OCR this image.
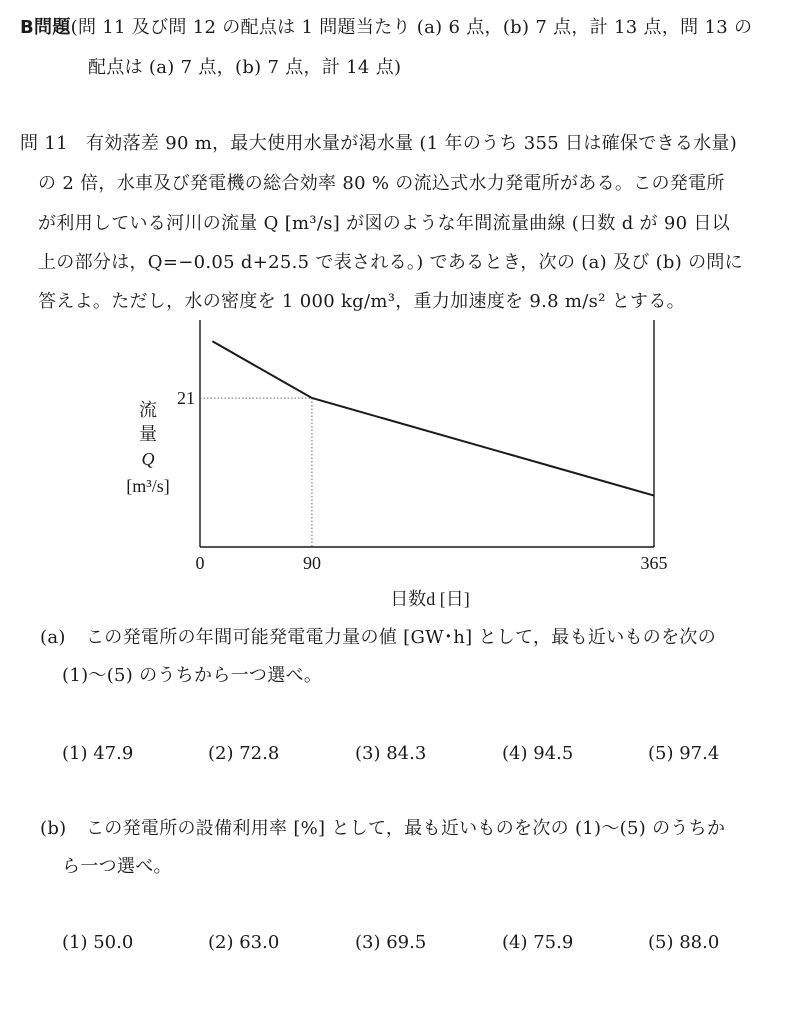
B問題(問 11 及び問 12 の配点は 1 問題当たり (a) 6 点，(b) 7 点，計 13 点，問 13 の
配点は (a) 7 点，(b) 7 点，計 14 点)
問 11 有効落差 90 m，最大使用水量が渇水量 (1 年のうち 355 日は確保できる水量)
の 2 倍，水車及び発電機の総合効率 80 % の流込式水力発電所がある。この発電所
が利用している河川の流量 Q [m³/s] が図のような年間流量曲線 (日数 d が 90 日以
上の部分は，Q=−0.05 d+25.5 で表される。) であるとき，次の (a) 及び (b) の問に
答えよ。ただし，水の密度を 1 000 kg/m³，重力加速度を 9.8 m/s² とする。
21
0	90	365
流
量
Q
[m³/s]
日数d [日]
(a) この発電所の年間可能発電電力量の値 [GW･h] として，最も近いものを次の
(1)～(5) のうちから一つ選べ。
(1) 47.9	(2) 72.8	(3) 84.3	(4) 94.5	(5) 97.4
(b) この発電所の設備利用率 [%] として，最も近いものを次の (1)～(5) のうちか
ら一つ選べ。
(1) 50.0	(2) 63.0	(3) 69.5	(4) 75.9	(5) 88.0
